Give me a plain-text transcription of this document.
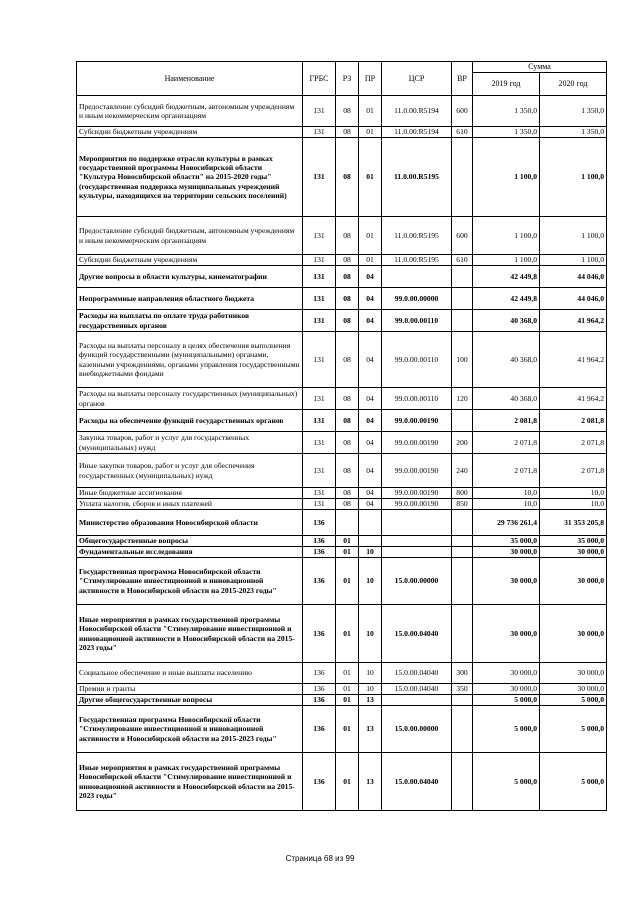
Наименование	ГРБС	РЗ	ПР	ЦСР	ВР	Сумма	
						2019 год	2020 год
Предоставление субсидий бюджетным, автономным учреждениям и иным некоммерческим организациям	131	08	01	11.0.00.R5194	600	1 350,0	1 350,0
Субсидии бюджетным учреждениям	131	08	01	11.0.00.R5194	610	1 350,0	1 350,0
Мероприятия по поддержке отрасли культуры в рамках государственной программы Новосибирской области "Культура Новосибирской области" на 2015-2020 годы" (государственная поддержка муниципальных учреждений культуры, находящихся на территории сельских поселений)	131	08	01	11.0.00.R5195		1 100,0	1 100,0
Предоставление субсидий бюджетным, автономным учреждениям и иным некоммерческим организациям	131	08	01	11.0.00.R5195	600	1 100,0	1 100,0
Субсидии бюджетным учреждениям	131	08	01	11.0.00.R5195	610	1 100,0	1 100,0
Другие вопросы в области культуры, кинематографии	131	08	04			42 449,8	44 046,0
Непрограммные направления областного бюджета	131	08	04	99.0.00.00000		42 449,8	44 046,0
Расходы на выплаты по оплате труда работников государственных органов	131	08	04	99.0.00.00110		40 368,0	41 964,2
Расходы на выплаты персоналу в целях обеспечения выполнения функций государственными (муниципальными) органами, казенными учреждениями, органами управления государственными внебюджетными фондами	131	08	04	99.0.00.00110	100	40 368,0	41 964,2
Расходы на выплаты персоналу государственных (муниципальных) органов	131	08	04	99.0.00.00110	120	40 368,0	41 964,2
Расходы на обеспечение функций государственных органов	131	08	04	99.0.00.00190		2 081,8	2 081,8
Закупка товаров, работ и услуг для государственных (муниципальных) нужд	131	08	04	99.0.00.00190	200	2 071,8	2 071,8
Иные закупки товаров, работ и услуг для обеспечения государственных (муниципальных) нужд	131	08	04	99.0.00.00190	240	2 071,8	2 071,8
Иные бюджетные ассигнования	131	08	04	99.0.00.00190	800	10,0	10,0
Уплата налогов, сборов и иных платежей	131	08	04	99.0.00.00190	850	10,0	10,0
Министерство образования Новосибирской области	136					29 736 261,4	31 353 205,8
Общегосударственные вопросы	136	01				35 000,0	35 000,0
Фундаментальные исследования	136	01	10			30 000,0	30 000,0
Государственная программа Новосибирской области "Стимулирование инвестиционной и инновационной активности в Новосибирской области на 2015-2023 годы"	136	01	10	15.0.00.00000		30 000,0	30 000,0
Иные мероприятия в рамках государственной программы Новосибирской области "Стимулирование инвестиционной и инновационной активности в Новосибирской области на 2015-2023 годы"	136	01	10	15.0.00.04040		30 000,0	30 000,0
Социальное обеспечение и иные выплаты населению	136	01	10	15.0.00.04040	300	30 000,0	30 000,0
Премии и гранты	136	01	10	15.0.00.04040	350	30 000,0	30 000,0
Другие общегосударственные вопросы	136	01	13			5 000,0	5 000,0
Государственная программа Новосибирской области "Стимулирование инвестиционной и инновационной активности в Новосибирской области на 2015-2023 годы"	136	01	13	15.0.00.00000		5 000,0	5 000,0
Иные мероприятия в рамках государственной программы Новосибирской области "Стимулирование инвестиционной и инновационной активности в Новосибирской области на 2015-2023 годы"	136	01	13	15.0.00.04040		5 000,0	5 000,0
Страница 68 из 99
